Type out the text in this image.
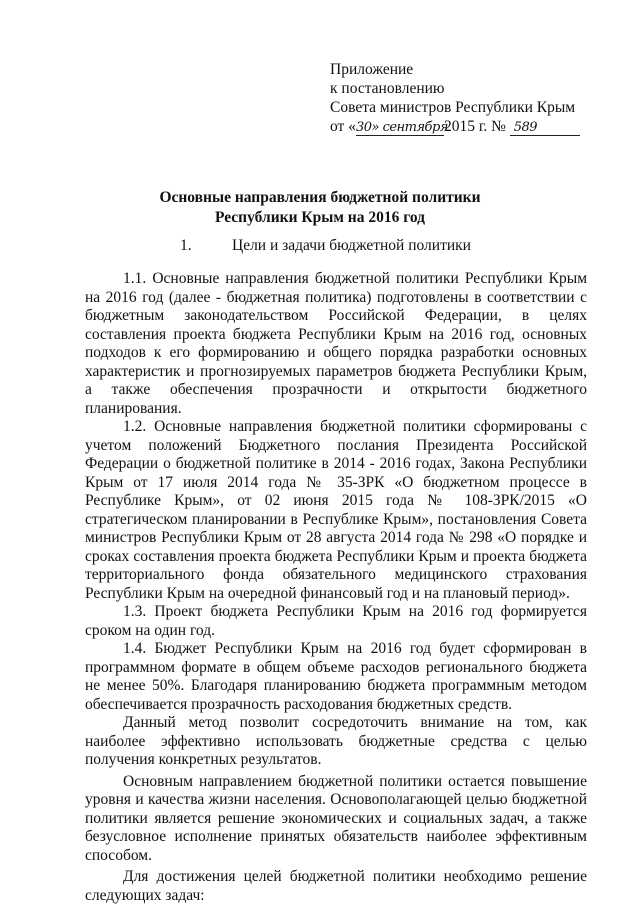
Приложение
к постановлению
Совета министров Республики Крым
от «30» сентября2015 г. № 589
Основные направления бюджетной политики
Республики Крым на 2016 год
1.	Цели и задачи бюджетной политики

1.1. Основные направления бюджетной политики Республики Крым на 2016 год (далее - бюджетная политика) подготовлены в соответствии с бюджетным законодательством Российской Федерации, в целях составления проекта бюджета Республики Крым на 2016 год, основных подходов к его формированию и общего порядка разработки основных характеристик и прогнозируемых параметров бюджета Республики Крым, а также обеспечения прозрачности и открытости бюджетного планирования.

1.2. Основные направления бюджетной политики сформированы с учетом положений Бюджетного послания Президента Российской Федерации о бюджетной политике в 2014 - 2016 годах, Закона Республики Крым от 17 июля 2014 года № 35-ЗРК «О бюджетном процессе в Республике Крым», от 02 июня 2015 года № 108-ЗРК/2015 «О стратегическом планировании в Республике Крым», постановления Совета министров Республики Крым от 28 августа 2014 года № 298 «О порядке и сроках составления проекта бюджета Республики Крым и проекта бюджета территориального фонда обязательного медицинского страхования Республики Крым на очередной финансовый год и на плановый период».

1.3. Проект бюджета Республики Крым на 2016 год формируется сроком на один год.

1.4. Бюджет Республики Крым на 2016 год будет сформирован в программном формате в общем объеме расходов регионального бюджета не менее 50%. Благодаря планированию бюджета программным методом обеспечивается прозрачность расходования бюджетных средств.

Данный метод позволит сосредоточить внимание на том, как наиболее эффективно использовать бюджетные средства с целью получения конкретных результатов.

Основным направлением бюджетной политики остается повышение уровня и качества жизни населения. Основополагающей целью бюджетной политики является решение экономических и социальных задач, а также безусловное исполнение принятых обязательств наиболее эффективным способом.

Для достижения целей бюджетной политики необходимо решение следующих задач:
